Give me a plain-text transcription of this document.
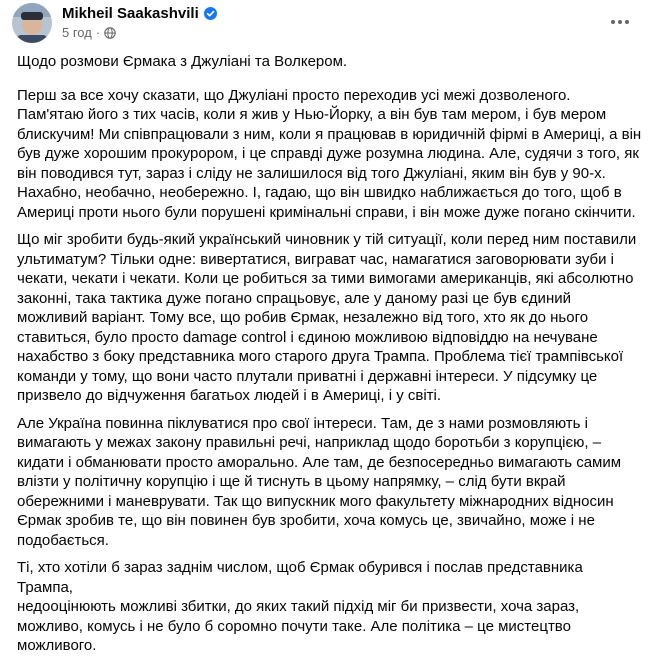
Mikheil Saakashvili
5 год ·

Щодо розмови Єрмака з Джуліані та Волкером.

Перш за все хочу сказати, що Джуліані просто переходив усі межі дозволеного.
Пам'ятаю його з тих часів, коли я жив у Нью-Йорку, а він був там мером, і був мером
блискучим! Ми співпрацювали з ним, коли я працював в юридичній фірмі в Америці, а він
був дуже хорошим прокурором, і це справді дуже розумна людина. Але, судячи з того, як
він поводився тут, зараз і сліду не залишилося від того Джуліані, яким він був у 90-х.
Нахабно, необачно, необережно. І, гадаю, що він швидко наближається до того, щоб в
Америці проти нього були порушені кримінальні справи, і він може дуже погано скінчити.

Що міг зробити будь-який український чиновник у тій ситуації, коли перед ним поставили
ультиматум? Тільки одне: вивертатися, виграват час, намагатися заговорювати зуби і
чекати, чекати і чекати. Коли це робиться за тими вимогами американців, які абсолютно
законні, така тактика дуже погано спрацьовує, але у даному разі це був єдиний
можливий варіант. Тому все, що робив Єрмак, незалежно від того, хто як до нього
ставиться, було просто damage control і єдиною можливою відповіддю на нечуване
нахабство з боку представника мого старого друга Трампа. Проблема тієї трампівської
команди у тому, що вони часто плутали приватні і державні інтереси. У підсумку це
призвело до відчуження багатьох людей і в Америці, і у світі.

Але Україна повинна піклуватися про свої інтереси. Там, де з нами розмовляють і
вимагають у межах закону правильні речі, наприклад щодо боротьби з корупцією, –
кидати і обманювати просто аморально. Але там, де безпосередньо вимагають самим
влізти у політичну корупцію і ще й тиснуть в цьому напрямку, – слід бути вкрай
обережними і маневрувати. Так що випускник мого факультету міжнародних відносин
Єрмак зробив те, що він повинен був зробити, хоча комусь це, звичайно, може і не
подобається.

Ті, хто хотіли б зараз заднім числом, щоб Єрмак обурився і послав представника Трампа,
недооцінюють можливі збитки, до яких такий підхід міг би призвести, хоча зараз,
можливо, комусь і не було б соромно почути таке. Але політика – це мистецтво
можливого.
